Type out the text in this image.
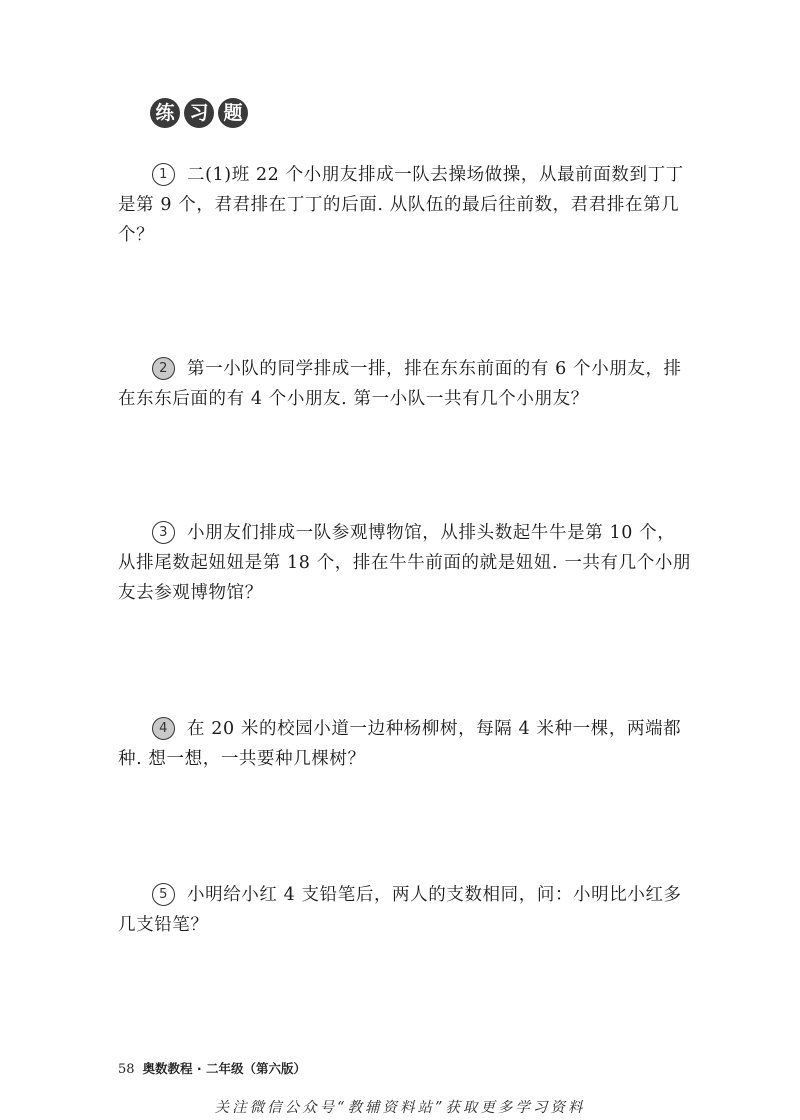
练 习 题
1 二(1)班 22 个小朋友排成一队去操场做操，从最前面数到丁丁是第 9 个，君君排在丁丁的后面. 从队伍的最后往前数，君君排在第几个？
2 第一小队的同学排成一排，排在东东前面的有 6 个小朋友，排在东东后面的有 4 个小朋友. 第一小队一共有几个小朋友？
3 小朋友们排成一队参观博物馆，从排头数起牛牛是第 10 个，从排尾数起妞妞是第 18 个，排在牛牛前面的就是妞妞. 一共有几个小朋友去参观博物馆？
4 在 20 米的校园小道一边种杨柳树，每隔 4 米种一棵，两端都种. 想一想，一共要种几棵树？
5 小明给小红 4 支铅笔后，两人的支数相同，问：小明比小红多几支铅笔？
58 奥数教程 · 二年级（第六版）
关注微信公众号“教辅资料站”获取更多学习资料
